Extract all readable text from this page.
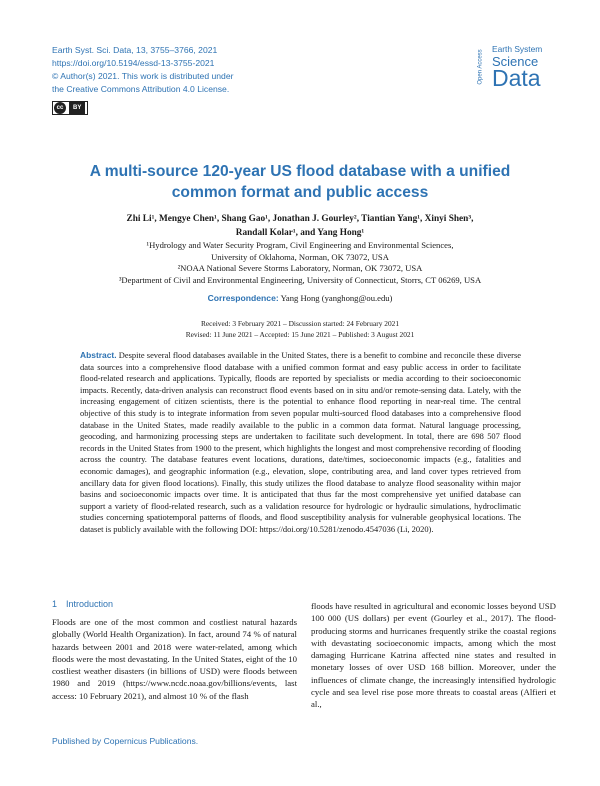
Earth Syst. Sci. Data, 13, 3755–3766, 2021
https://doi.org/10.5194/essd-13-3755-2021
© Author(s) 2021. This work is distributed under
the Creative Commons Attribution 4.0 License.
cc	BY
Open Access
Earth System
Science
Data
A multi-source 120-year US flood database with a unified
common format and public access
Zhi Li¹, Mengye Chen¹, Shang Gao¹, Jonathan J. Gourley², Tiantian Yang¹, Xinyi Shen³,
Randall Kolar¹, and Yang Hong¹
¹Hydrology and Water Security Program, Civil Engineering and Environmental Sciences,
University of Oklahoma, Norman, OK 73072, USA
²NOAA National Severe Storms Laboratory, Norman, OK 73072, USA
³Department of Civil and Environmental Engineering, University of Connecticut, Storrs, CT 06269, USA
Correspondence: Yang Hong (yanghong@ou.edu)
Received: 3 February 2021 – Discussion started: 24 February 2021
Revised: 11 June 2021 – Accepted: 15 June 2021 – Published: 3 August 2021
Abstract. Despite several flood databases available in the United States, there is a benefit to combine and reconcile these diverse data sources into a comprehensive flood database with a unified common format and easy public access in order to facilitate flood-related research and applications. Typically, floods are reported by specialists or media according to their socioeconomic impacts. Recently, data-driven analysis can reconstruct flood events based on in situ and/or remote-sensing data. Lately, with the increasing engagement of citizen scientists, there is the potential to enhance flood reporting in near-real time. The central objective of this study is to integrate information from seven popular multi-sourced flood databases into a comprehensive flood database in the United States, made readily available to the public in a common data format. Natural language processing, geocoding, and harmonizing processing steps are undertaken to facilitate such development. In total, there are 698 507 flood records in the United States from 1900 to the present, which highlights the longest and most comprehensive recording of flooding across the country. The database features event locations, durations, date/times, socioeconomic impacts (e.g., fatalities and economic damages), and geographic information (e.g., elevation, slope, contributing area, and land cover types retrieved from ancillary data for given flood locations). Finally, this study utilizes the flood database to analyze flood seasonality within major basins and socioeconomic impacts over time. It is anticipated that thus far the most comprehensive yet unified database can support a variety of flood-related research, such as a validation resource for hydrologic or hydraulic simulations, hydroclimatic studies concerning spatiotemporal patterns of floods, and flood susceptibility analysis for vulnerable geophysical locations. The dataset is publicly available with the following DOI: https://doi.org/10.5281/zenodo.4547036 (Li, 2020).
1 Introduction
Floods are one of the most common and costliest natural hazards globally (World Health Organization). In fact, around 74 % of natural hazards between 2001 and 2018 were water-related, among which floods were the most devastating. In the United States, eight of the 10 costliest weather disasters (in billions of USD) were floods between 1980 and 2019 (https://www.ncdc.noaa.gov/billions/events, last access: 10 February 2021), and almost 10 % of the flash
floods have resulted in agricultural and economic losses beyond USD 100 000 (US dollars) per event (Gourley et al., 2017). The flood-producing storms and hurricanes frequently strike the coastal regions with devastating socioeconomic impacts, among which the most damaging Hurricane Katrina affected nine states and resulted in monetary losses of over USD 168 billion. Moreover, under the influences of climate change, the increasingly intensified hydrologic cycle and sea level rise pose more threats to coastal areas (Alfieri et al.,
Published by Copernicus Publications.
